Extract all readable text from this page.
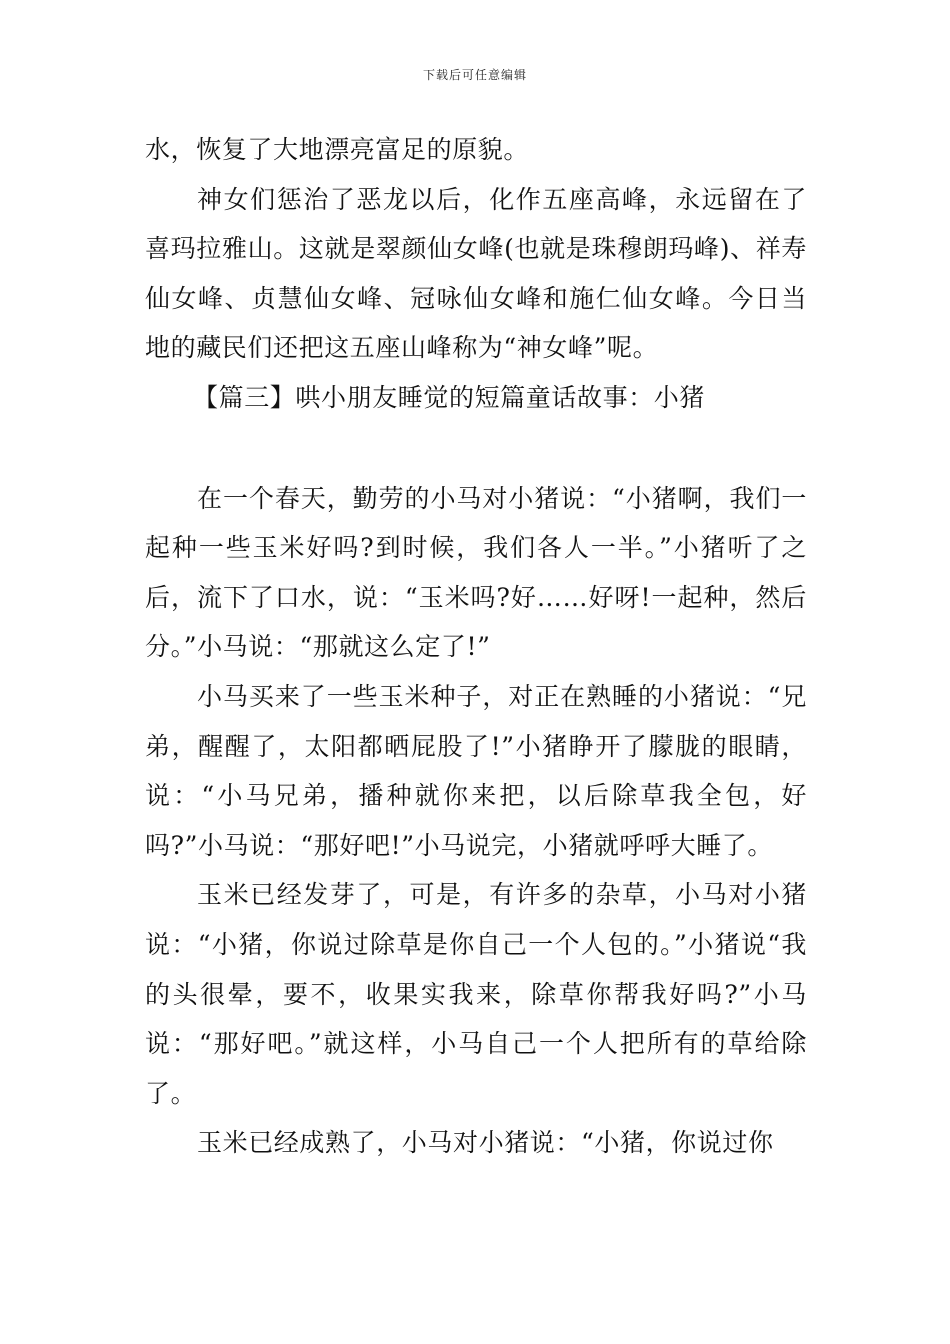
下载后可任意编辑

水，恢复了大地漂亮富足的原貌。

神女们惩治了恶龙以后，化作五座高峰，永远留在了喜玛拉雅山。这就是翠颜仙女峰(也就是珠穆朗玛峰)、祥寿仙女峰、贞慧仙女峰、冠咏仙女峰和施仁仙女峰。今日当地的藏民们还把这五座山峰称为“神女峰”呢。

【篇三】哄小朋友睡觉的短篇童话故事：小猪

在一个春天，勤劳的小马对小猪说：“小猪啊，我们一起种一些玉米好吗?到时候，我们各人一半。”小猪听了之后，流下了口水，说：“玉米吗?好……好呀!一起种，然后分。”小马说：“那就这么定了!”

小马买来了一些玉米种子，对正在熟睡的小猪说：“兄弟，醒醒了，太阳都晒屁股了!”小猪睁开了朦胧的眼睛，说：“小马兄弟，播种就你来把，以后除草我全包，好吗?”小马说：“那好吧!”小马说完，小猪就呼呼大睡了。

玉米已经发芽了，可是，有许多的杂草，小马对小猪说：“小猪，你说过除草是你自己一个人包的。”小猪说“我的头很晕，要不，收果实我来，除草你帮我好吗?”小马说：“那好吧。”就这样，小马自己一个人把所有的草给除了。

玉米已经成熟了，小马对小猪说：“小猪，你说过你
